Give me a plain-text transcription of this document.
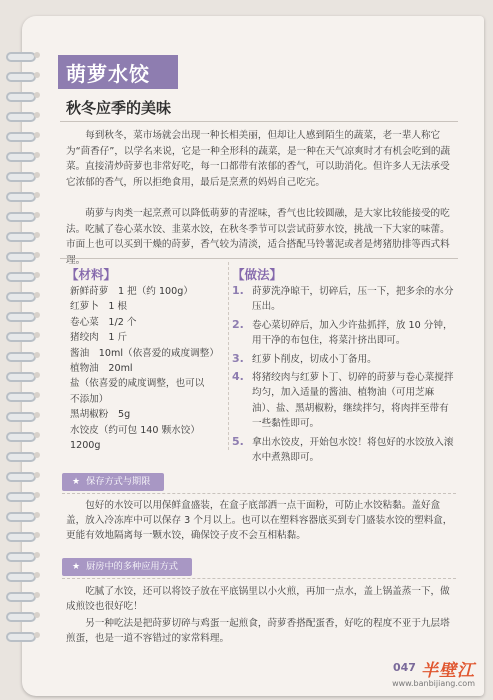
萌萝水饺
秋冬应季的美味

每到秋冬，菜市场就会出现一种长相美丽，但却让人感到陌生的蔬菜，老一辈人称它为“茴香仔”，以学名来说，它是一种全形科的蔬菜，是一种在天气凉爽时才有机会吃到的蔬菜。直接清炒莳萝也非常好吃，每一口都带有浓郁的香气，可以助消化。但许多人无法承受它浓郁的香气，所以拒绝食用，最后是烹煮的妈妈自己吃完。

萌萝与肉类一起烹煮可以降低萌萝的青涩味，香气也比较圆融，是大家比较能接受的吃法。吃腻了卷心菜水饺、韭菜水饺，在秋冬季节可以尝试莳萝水饺，挑战一下大家的味蕾。市面上也可以买到干燥的莳萝，香气较为清淡，适合搭配马铃薯泥或者是烤猪肋排等西式料理。

【材料】	【做法】
新鲜莳萝　1 把（约 100g）
红萝卜　1 根
卷心菜　1/2 个
猪绞肉　1 斤
酱油　10ml（依喜爱的咸度调整）
植物油　20ml
盐（依喜爱的咸度调整，也可以
不添加）
黑胡椒粉　5g
水饺皮（约可包 140 颗水饺）
1200g
1. 莳萝洗净晾干，切碎后，压一下，把多余的水分压出。
2. 卷心菜切碎后，加入少许盐抓拌，放 10 分钟，用干净的布包住，将菜汁挤出即可。
3. 红萝卜削皮，切成小丁备用。
4. 将猪绞肉与红萝卜丁、切碎的莳萝与卷心菜搅拌均匀，加入适量的酱油、植物油（可用芝麻油）、盐、黑胡椒粉，继续拌匀，将肉拌至带有一些黏性即可。
5. 拿出水饺皮，开始包水饺！将包好的水饺放入滚水中煮熟即可。
★ 保存方式与期限

包好的水饺可以用保鲜盒盛装，在盒子底部洒一点干面粉，可防止水饺粘黏。盖好盒盖，放入冷冻库中可以保存 3 个月以上。也可以在塑料容器底买到专门盛装水饺的塑料盒，更能有效地隔离每一颗水饺，确保饺子皮不会互相粘黏。

★ 厨房中的多种应用方式

吃腻了水饺，还可以将饺子放在平底锅里以小火煎，再加一点水，盖上锅盖蒸一下，做成煎饺也很好吃！

另一种吃法是把莳萝切碎与鸡蛋一起煎食，莳萝香搭配蛋香，好吃的程度不亚于九层塔煎蛋，也是一道不容错过的家常料理。

047 半壁江
www.banbijiang.com
